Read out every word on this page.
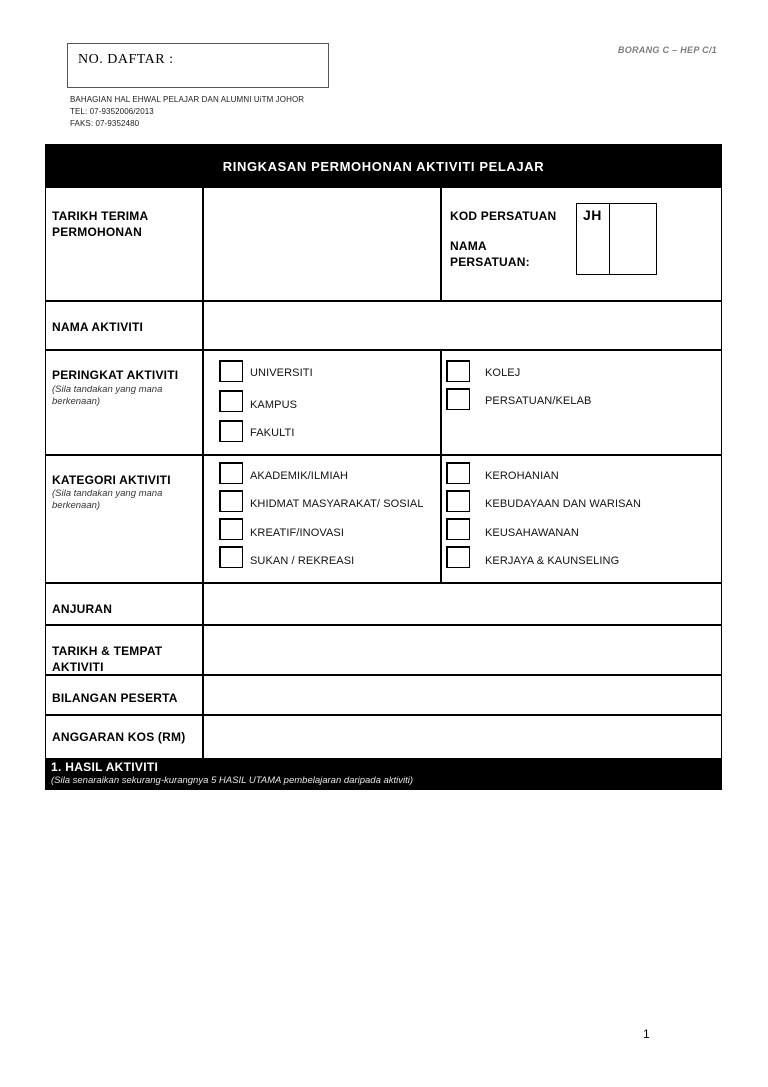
NO. DAFTAR :
BORANG C – HEP C/1
BAHAGIAN HAL EHWAL PELAJAR DAN ALUMNI UiTM JOHOR
TEL: 07-9352006/2013
FAKS: 07-9352480
RINGKASAN PERMOHONAN AKTIVITI PELAJAR
TARIKH TERIMA PERMOHONAN
KOD PERSATUAN
NAMA PERSATUAN:
JH
NAMA AKTIVITI
PERINGKAT AKTIVITI
(Sila tandakan yang mana berkenaan)
UNIVERSITI
KAMPUS
FAKULTI
KOLEJ
PERSATUAN/KELAB
KATEGORI AKTIVITI
(Sila tandakan yang mana berkenaan)
AKADEMIK/ILMIAH
KHIDMAT MASYARAKAT/ SOSIAL
KREATIF/INOVASI
SUKAN / REKREASI
KEROHANIAN
KEBUDAYAAN DAN WARISAN
KEUSAHAWANAN
KERJAYA & KAUNSELING
ANJURAN
TARIKH & TEMPAT AKTIVITI
BILANGAN PESERTA
ANGGARAN KOS (RM)
1. HASIL AKTIVITI
(Sila senaraikan sekurang-kurangnya 5 HASIL UTAMA pembelajaran daripada aktiviti)
1
